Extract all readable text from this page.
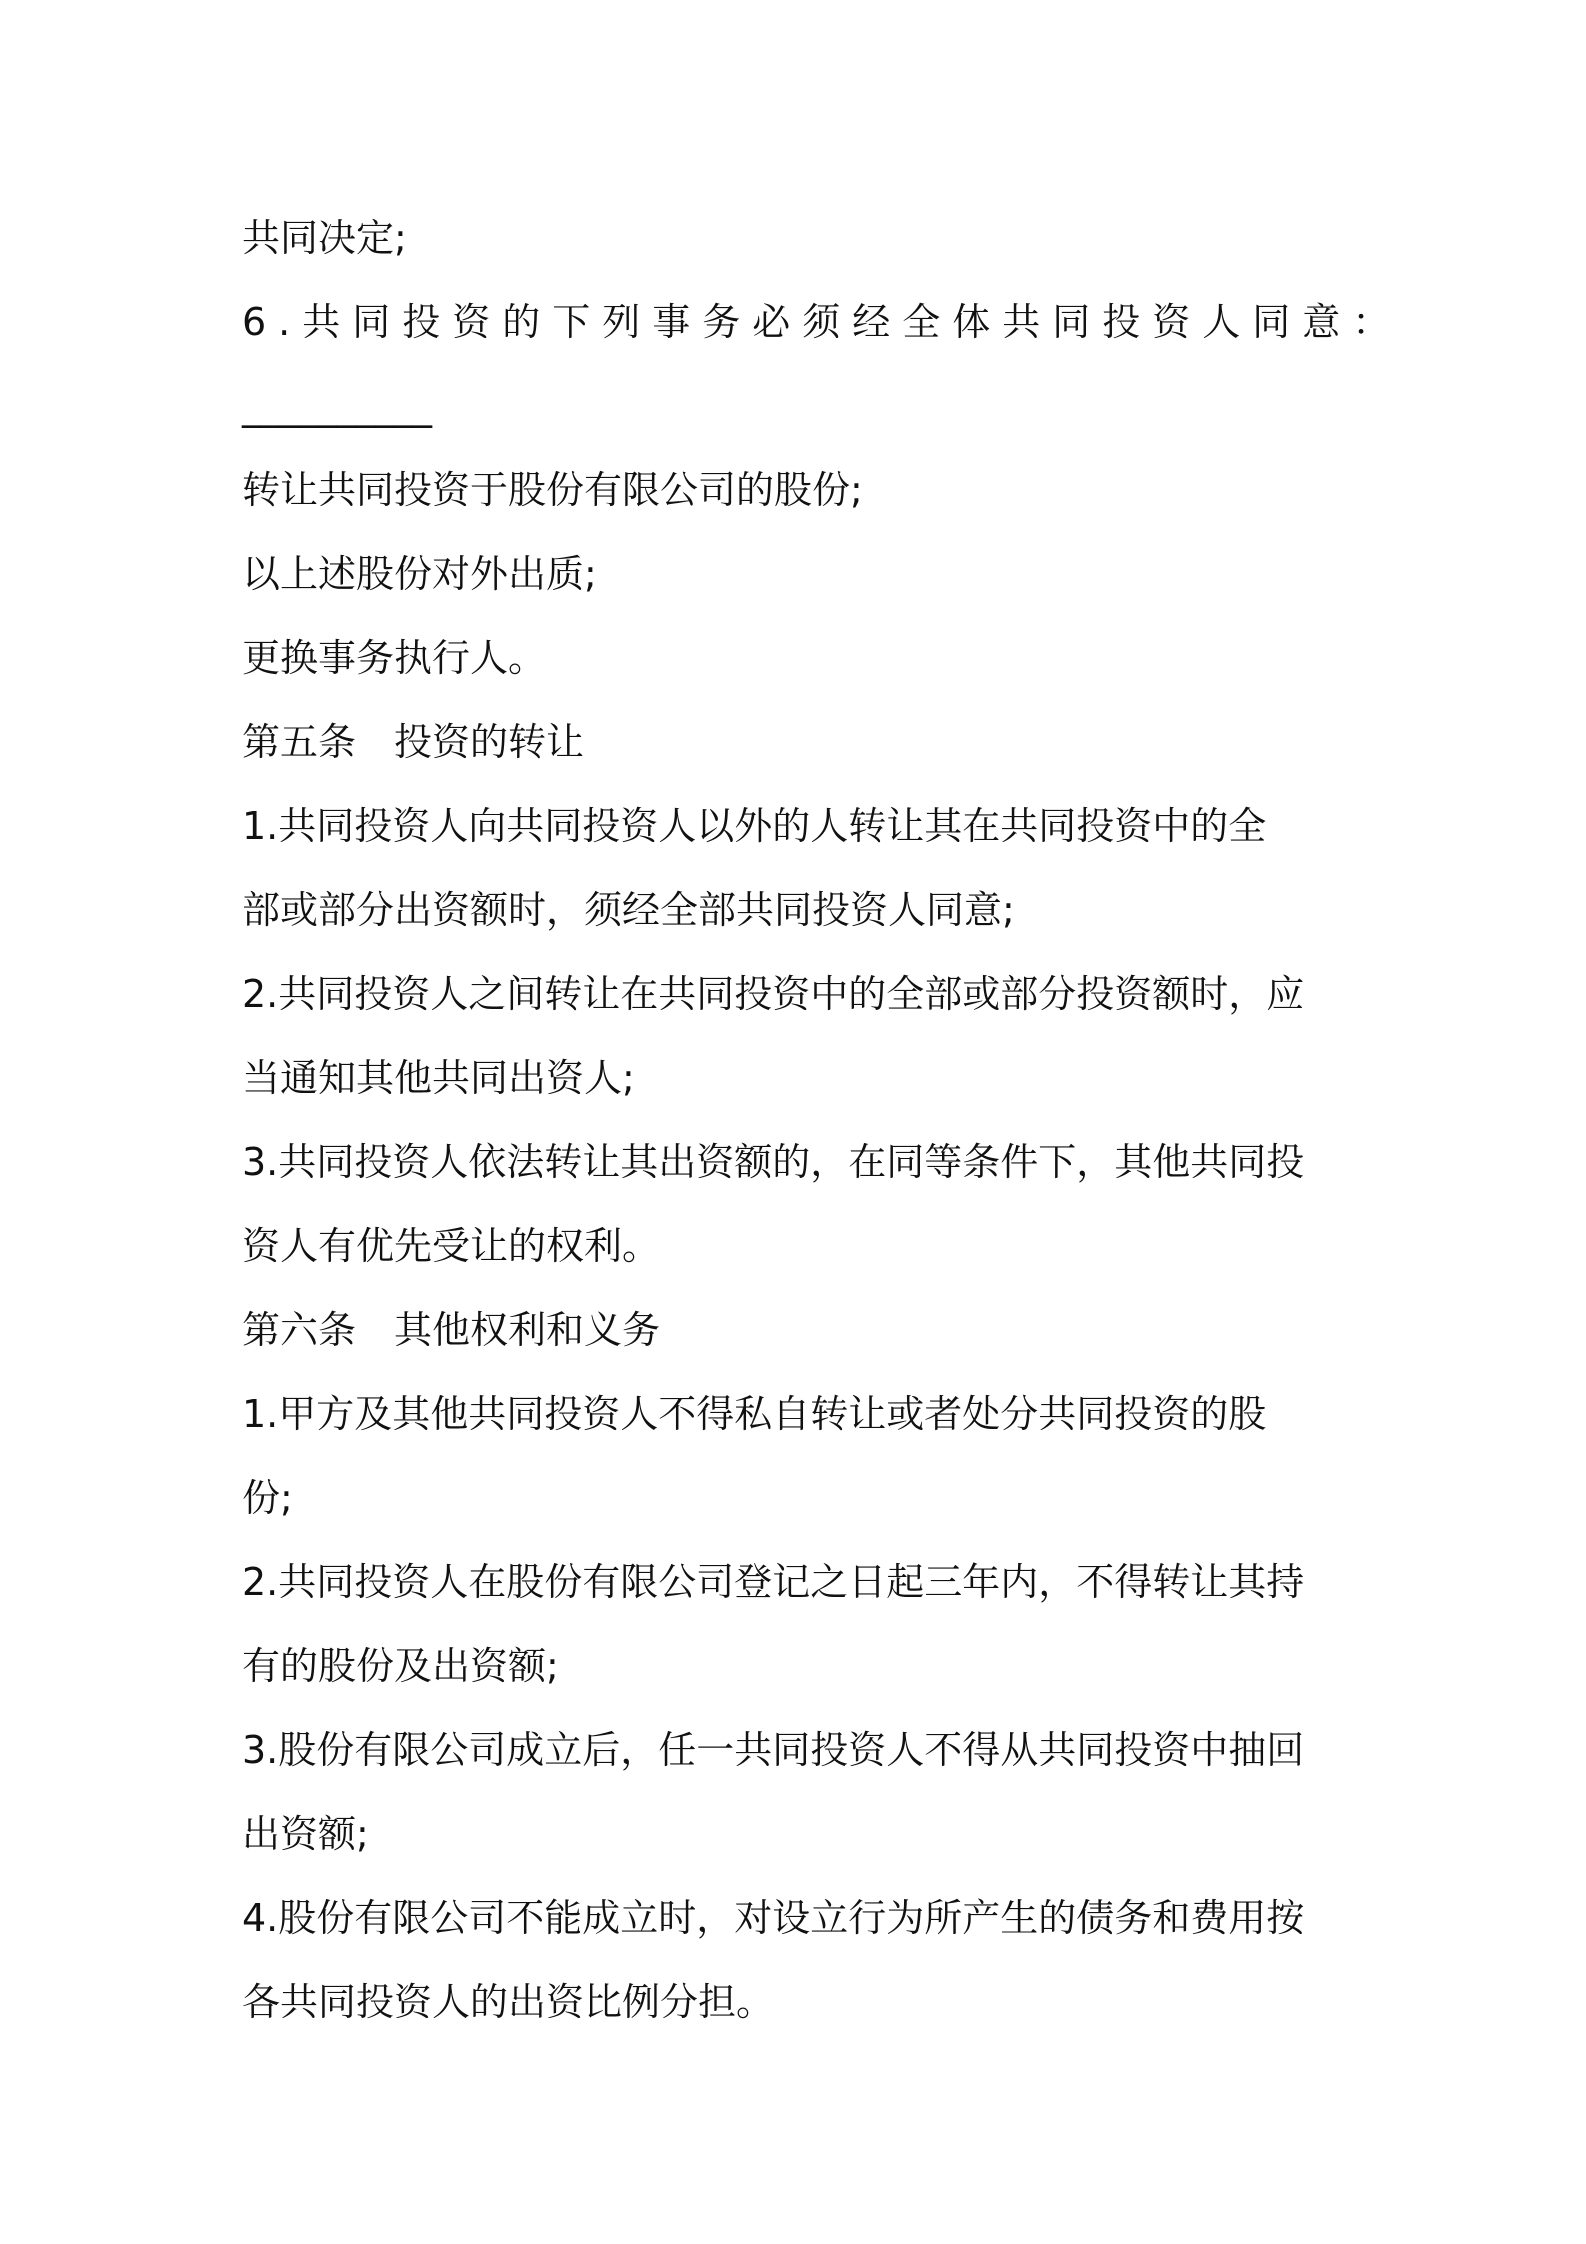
共同决定;
6.共同投资的下列事务必须经全体共同投资人同意：
__________
转让共同投资于股份有限公司的股份;
以上述股份对外出质;
更换事务执行人。
第五条 投资的转让
1.共同投资人向共同投资人以外的人转让其在共同投资中的全
部或部分出资额时，须经全部共同投资人同意;
2.共同投资人之间转让在共同投资中的全部或部分投资额时，应
当通知其他共同出资人;
3.共同投资人依法转让其出资额的，在同等条件下，其他共同投
资人有优先受让的权利。
第六条 其他权利和义务
1.甲方及其他共同投资人不得私自转让或者处分共同投资的股
份;
2.共同投资人在股份有限公司登记之日起三年内，不得转让其持
有的股份及出资额;
3.股份有限公司成立后，任一共同投资人不得从共同投资中抽回
出资额;
4.股份有限公司不能成立时，对设立行为所产生的债务和费用按
各共同投资人的出资比例分担。
